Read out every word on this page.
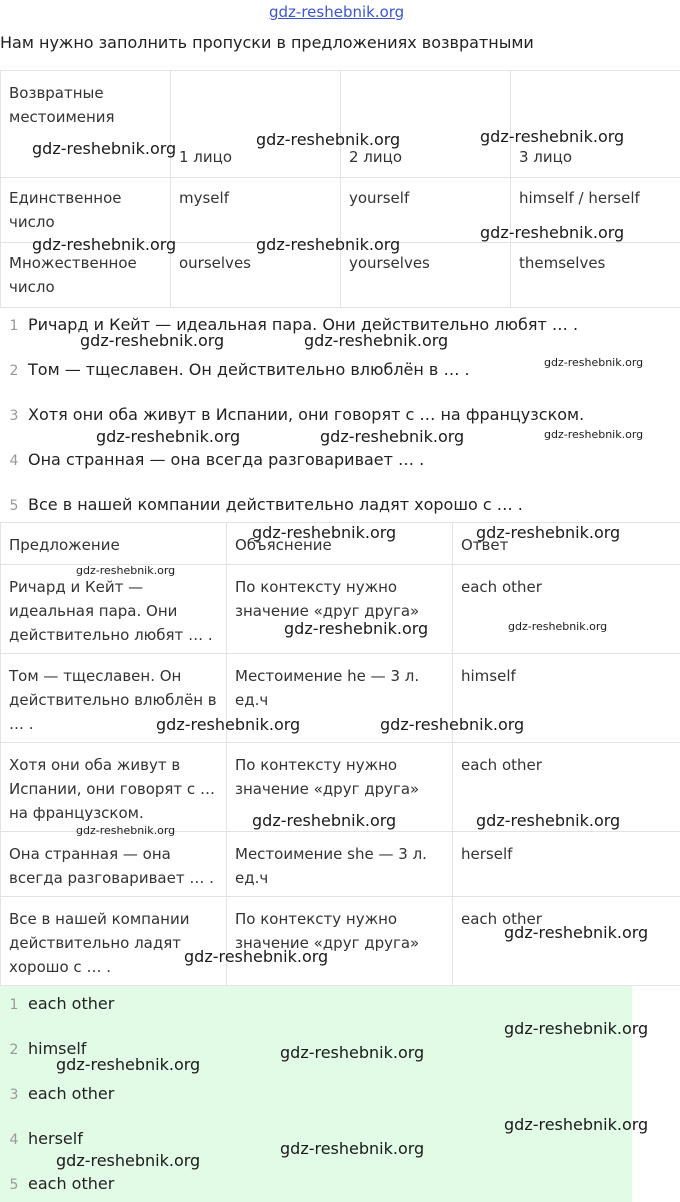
gdz-reshebnik.org
Нам нужно заполнить пропуски в предложениях возвратными
Возвратные местоимения	1 лицо	2 лицо	3 лицо
Единственное число	myself	yourself	himself / herself
Множественное число	ourselves	yourselves	themselves
1 Ричард и Кейт — идеальная пара. Они действительно любят … .
2 Том — тщеславен. Он действительно влюблён в … .
3 Хотя они оба живут в Испании, они говорят с … на французском.
4 Она странная — она всегда разговаривает … .
5 Все в нашей компании действительно ладят хорошо с … .
Предложение	Объяснение	Ответ
Ричард и Кейт — идеальная пара. Они действительно любят … .	По контексту нужно значение «друг друга»	each other
Том — тщеславен. Он действительно влюблён в … .	Местоимение he — 3 л. ед.ч	himself
Хотя они оба живут в Испании, они говорят с … на французском.	По контексту нужно значение «друг друга»	each other
Она странная — она всегда разговаривает … .	Местоимение she — 3 л. ед.ч	herself
Все в нашей компании действительно ладят хорошо с … .	По контексту нужно значение «друг друга»	each other
1 each other
2 himself
3 each other
4 herself
5 each other
gdz-reshebnik.org	gdz-reshebnik.org	gdz-reshebnik.org
gdz-reshebnik.org	gdz-reshebnik.org
gdz-reshebnik.org
gdz-reshebnik.org	gdz-reshebnik.org
gdz-reshebnik.org
gdz-reshebnik.org	gdz-reshebnik.org	gdz-reshebnik.org
gdz-reshebnik.org	gdz-reshebnik.org
gdz-reshebnik.org
gdz-reshebnik.org	gdz-reshebnik.org
gdz-reshebnik.org	gdz-reshebnik.org
gdz-reshebnik.org	gdz-reshebnik.org
gdz-reshebnik.org
gdz-reshebnik.org
gdz-reshebnik.org
gdz-reshebnik.org
gdz-reshebnik.org
gdz-reshebnik.org
gdz-reshebnik.org
gdz-reshebnik.org
gdz-reshebnik.org
